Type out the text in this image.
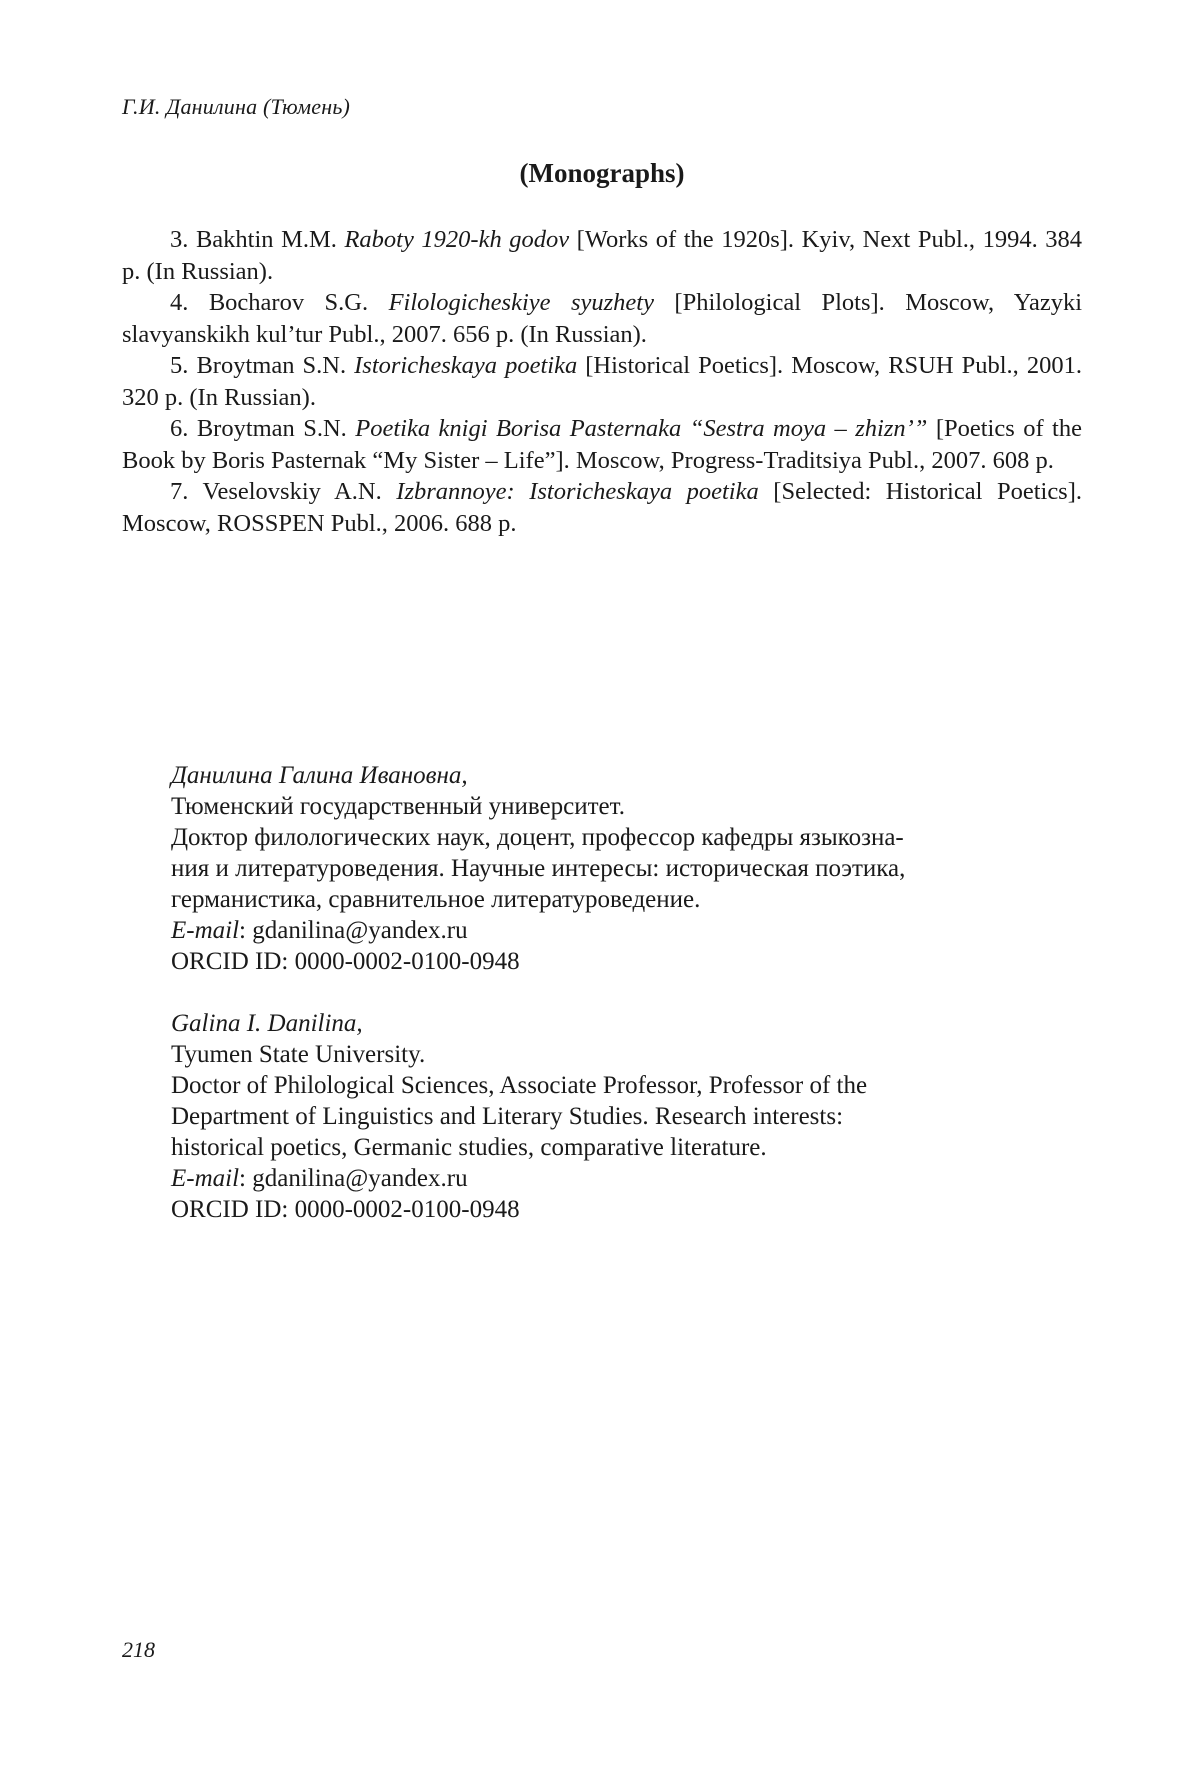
Г.И. Данилина (Тюмень)
(Monographs)

3. Bakhtin M.M. Raboty 1920-kh godov [Works of the 1920s]. Kyiv, Next Publ., 1994. 384 p. (In Russian).

4. Bocharov S.G. Filologicheskiye syuzhety [Philological Plots]. Moscow, Yazyki slavyanskikh kul’tur Publ., 2007. 656 p. (In Russian).

5. Broytman S.N. Istoricheskaya poetika [Historical Poetics]. Moscow, RSUH Publ., 2001. 320 p. (In Russian).

6. Broytman S.N. Poetika knigi Borisa Pasternaka “Sestra moya – zhizn’” [Poetics of the Book by Boris Pasternak “My Sister – Life”]. Moscow, Progress-Traditsiya Publ., 2007. 608 p.

7. Veselovskiy A.N. Izbrannoye: Istoricheskaya poetika [Selected: Historical Poetics]. Moscow, ROSSPEN Publ., 2006. 688 p.

Данилина Галина Ивановна,

Тюменский государственный университет.

Доктор филологических наук, доцент, профессор кафедры языкозна-

ния и литературоведения. Научные интересы: историческая поэтика,

германистика, сравнительное литературоведение.

E-mail: gdanilina@yandex.ru

ORCID ID: 0000-0002-0100-0948

Galina I. Danilina,

Tyumen State University.

Doctor of Philological Sciences, Associate Professor, Professor of the

Department of Linguistics and Literary Studies. Research interests:

historical poetics, Germanic studies, comparative literature.

E-mail: gdanilina@yandex.ru

ORCID ID: 0000-0002-0100-0948

218
